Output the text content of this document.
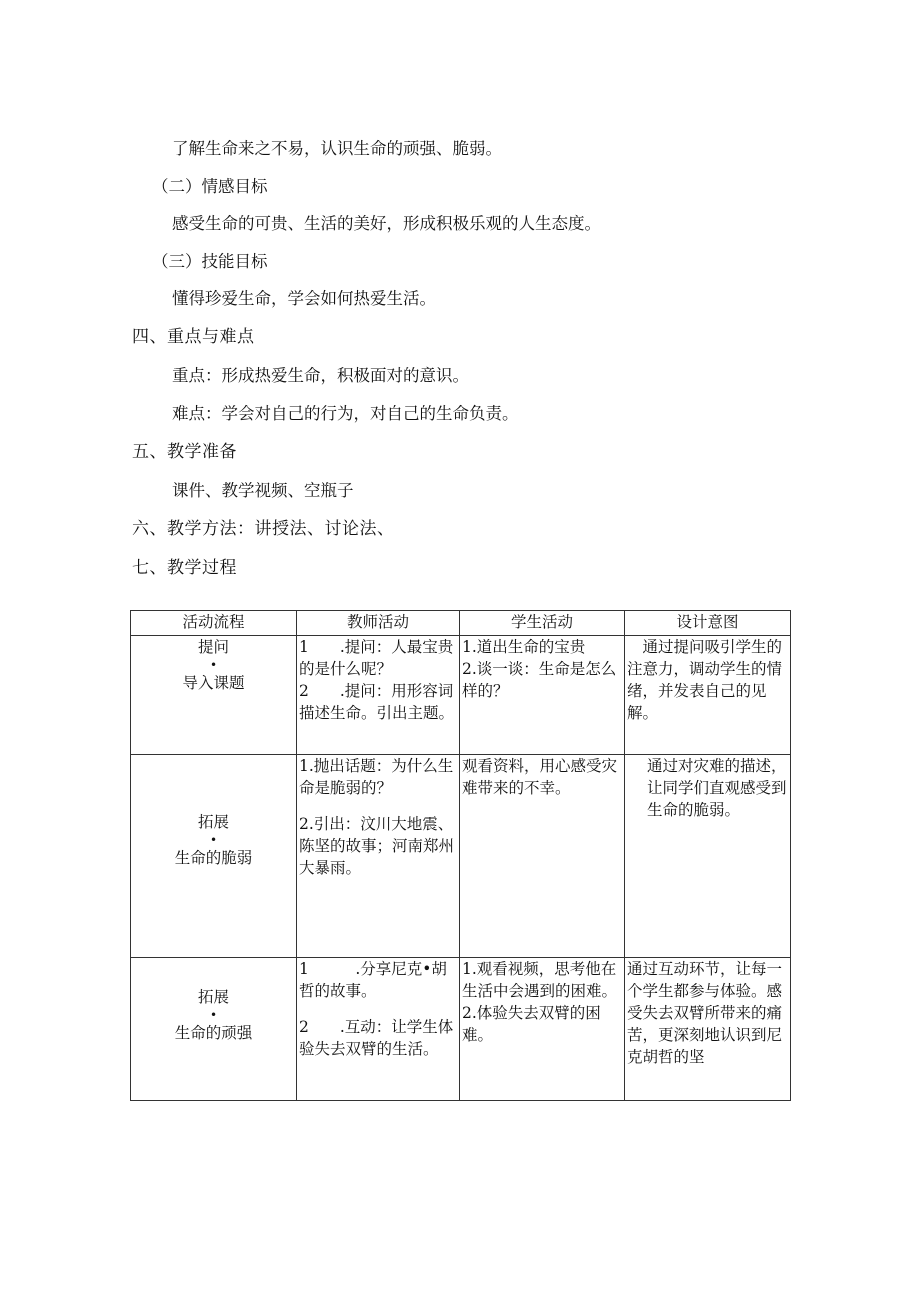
了解生命来之不易，认识生命的顽强、脆弱。
（二）情感目标
感受生命的可贵、生活的美好，形成积极乐观的人生态度。
（三）技能目标
懂得珍爱生命，学会如何热爱生活。
四、重点与难点
重点：形成热爱生命，积极面对的意识。
难点：学会对自己的行为，对自己的生命负责。
五、教学准备
课件、教学视频、空瓶子
六、教学方法：讲授法、讨论法、
七、教学过程
活动流程	教师活动	学生活动	设计意图

提问
•
导入课题	1　　.提问：人最宝贵的是什么呢？
2　　.提问：用形容词描述生命。引出主题。	1.道出生命的宝贵
2.谈一谈：生命是怎么样的？	通过提问吸引学生的注意力，调动学生的情绪，并发表自己的见解。

拓展
•
生命的脆弱	1.抛出话题：为什么生命是脆弱的？
2.引出：汶川大地震、陈坚的故事；河南郑州大暴雨。	观看资料，用心感受灾难带来的不幸。	通过对灾难的描述，让同学们直观感受到生命的脆弱。

拓展
•
生命的顽强	1　　　.分享尼克•胡哲的故事。
2　　.互动：让学生体验失去双臂的生活。	1.观看视频，思考他在生活中会遇到的困难。
2.体验失去双臂的困难。	通过互动环节，让每一个学生都参与体验。感受失去双臂所带来的痛苦，更深刻地认识到尼克胡哲的坚
